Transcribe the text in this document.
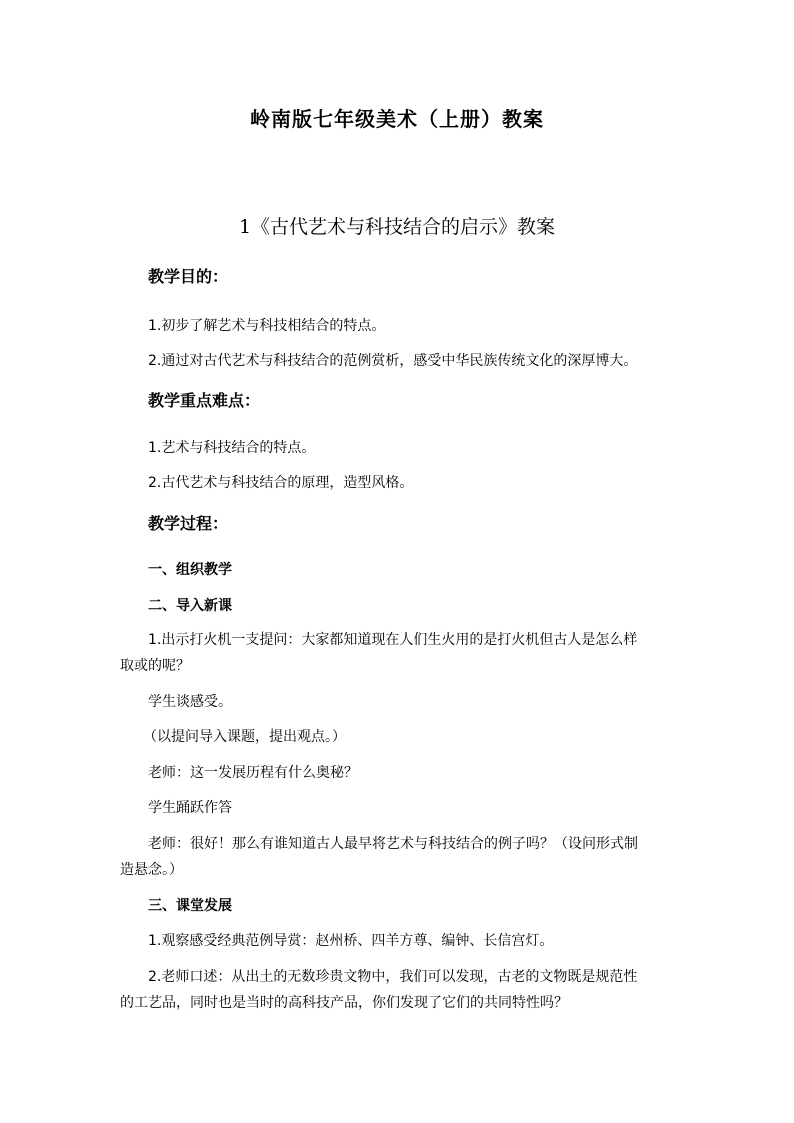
岭南版七年级美术（上册）教案
1《古代艺术与科技结合的启示》教案
教学目的：
1.初步了解艺术与科技相结合的特点。
2.通过对古代艺术与科技结合的范例赏析，感受中华民族传统文化的深厚博大。
教学重点难点：
1.艺术与科技结合的特点。
2.古代艺术与科技结合的原理，造型风格。
教学过程：
一、组织教学
二、导入新课
1.出示打火机一支提问：大家都知道现在人们生火用的是打火机但古人是怎么样
取或的呢？
学生谈感受。
（以提问导入课题，提出观点。）
老师：这一发展历程有什么奥秘？
学生踊跃作答
老师：很好！那么有谁知道古人最早将艺术与科技结合的例子吗？（设问形式制
造悬念。）
三、课堂发展
1.观察感受经典范例导赏：赵州桥、四羊方尊、编钟、长信宫灯。
2.老师口述：从出土的无数珍贵文物中，我们可以发现，古老的文物既是规范性
的工艺品，同时也是当时的高科技产品，你们发现了它们的共同特性吗？
